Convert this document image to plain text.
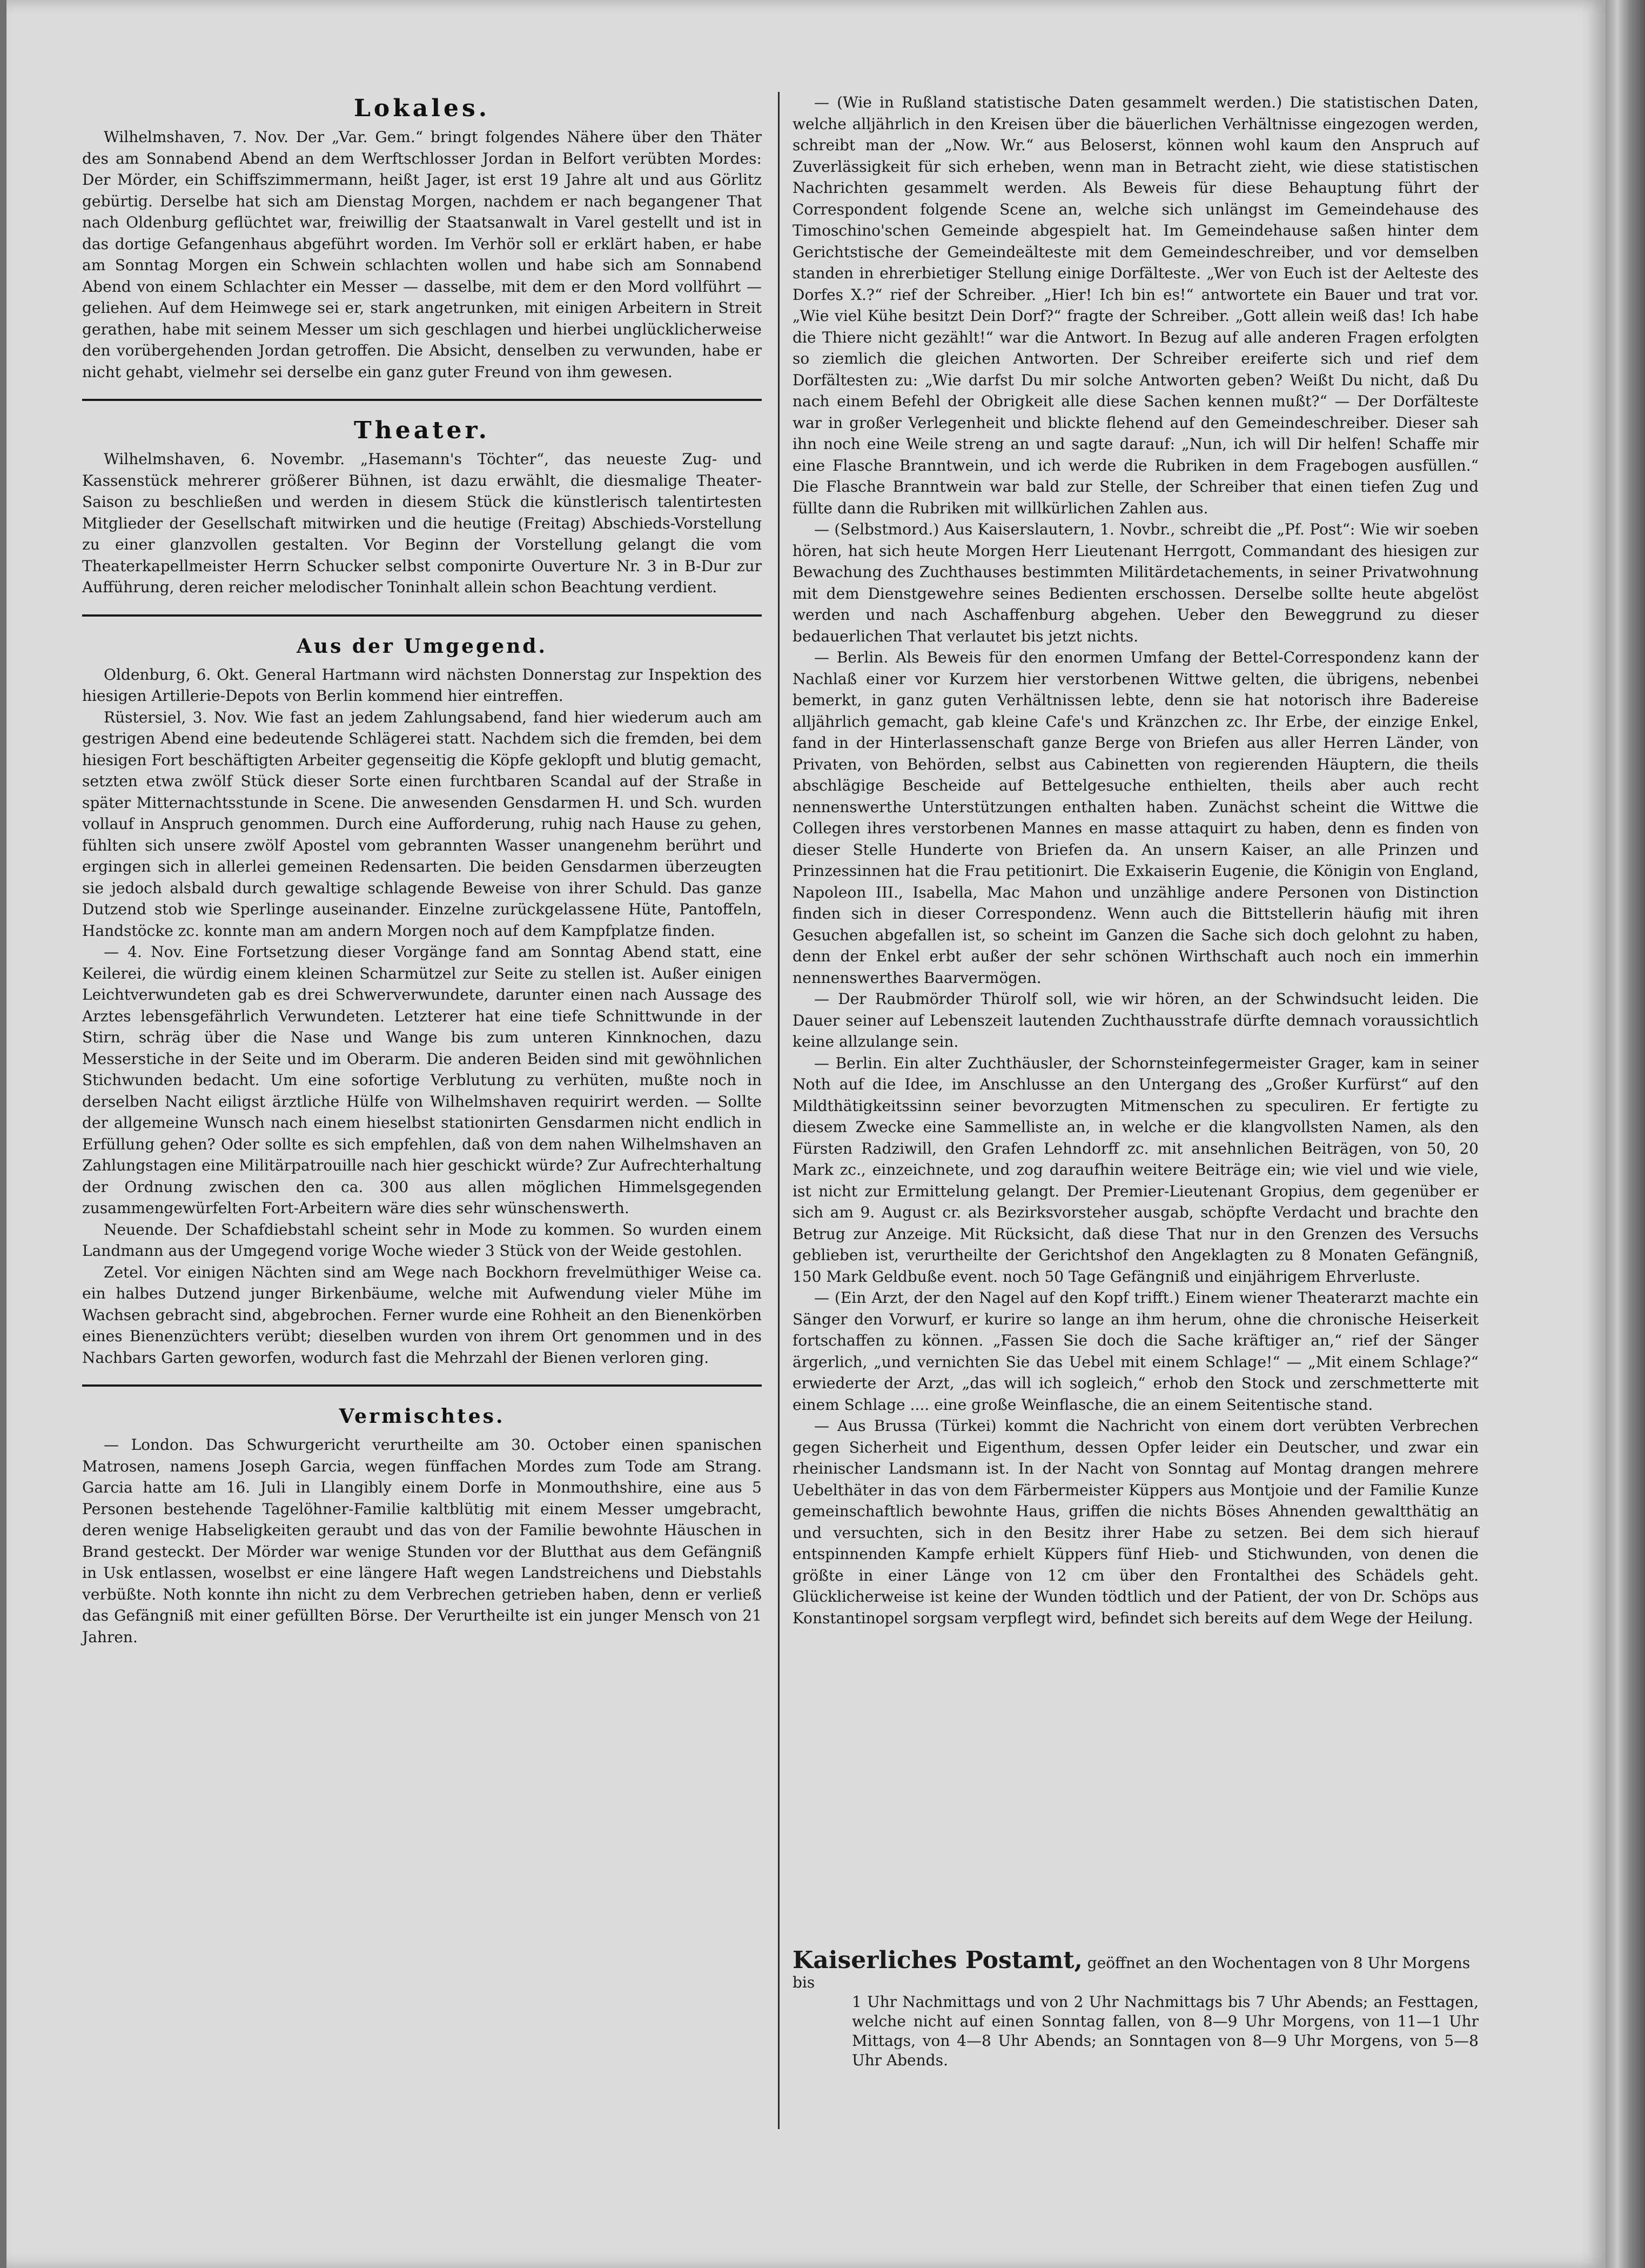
Lokales.

Wilhelmshaven, 7. Nov. Der „Var. Gem.“ bringt folgendes Nähere über den Thäter des am Sonnabend Abend an dem Werftschlosser Jordan in Belfort verübten Mordes: Der Mörder, ein Schiffszimmermann, heißt Jager, ist erst 19 Jahre alt und aus Görlitz gebürtig. Derselbe hat sich am Dienstag Morgen, nachdem er nach begangener That nach Oldenburg geflüchtet war, freiwillig der Staatsanwalt in Varel gestellt und ist in das dortige Gefangenhaus abgeführt worden. Im Verhör soll er erklärt haben, er habe am Sonntag Morgen ein Schwein schlachten wollen und habe sich am Sonnabend Abend von einem Schlachter ein Messer — dasselbe, mit dem er den Mord vollführt — geliehen. Auf dem Heimwege sei er, stark angetrunken, mit einigen Arbeitern in Streit gerathen, habe mit seinem Messer um sich geschlagen und hierbei unglücklicherweise den vorübergehenden Jordan getroffen. Die Absicht, denselben zu verwunden, habe er nicht gehabt, vielmehr sei derselbe ein ganz guter Freund von ihm gewesen.

Theater.

Wilhelmshaven, 6. Novembr. „Hasemann's Töchter“, das neueste Zug- und Kassenstück mehrerer größerer Bühnen, ist dazu erwählt, die diesmalige Theater-Saison zu beschließen und werden in diesem Stück die künstlerisch talentirtesten Mitglieder der Gesellschaft mitwirken und die heutige (Freitag) Abschieds-Vorstellung zu einer glanzvollen gestalten. Vor Beginn der Vorstellung gelangt die vom Theaterkapellmeister Herrn Schucker selbst componirte Ouverture Nr. 3 in B-Dur zur Aufführung, deren reicher melodischer Toninhalt allein schon Beachtung verdient.

Aus der Umgegend.

Oldenburg, 6. Okt. General Hartmann wird nächsten Donnerstag zur Inspektion des hiesigen Artillerie-Depots von Berlin kommend hier eintreffen.

Rüstersiel, 3. Nov. Wie fast an jedem Zahlungsabend, fand hier wiederum auch am gestrigen Abend eine bedeutende Schlägerei statt. Nachdem sich die fremden, bei dem hiesigen Fort beschäftigten Arbeiter gegenseitig die Köpfe geklopft und blutig gemacht, setzten etwa zwölf Stück dieser Sorte einen furchtbaren Scandal auf der Straße in später Mitternachtsstunde in Scene. Die anwesenden Gensdarmen H. und Sch. wurden vollauf in Anspruch genommen. Durch eine Aufforderung, ruhig nach Hause zu gehen, fühlten sich unsere zwölf Apostel vom gebrannten Wasser unangenehm berührt und ergingen sich in allerlei gemeinen Redensarten. Die beiden Gensdarmen überzeugten sie jedoch alsbald durch gewaltige schlagende Beweise von ihrer Schuld. Das ganze Dutzend stob wie Sperlinge auseinander. Einzelne zurückgelassene Hüte, Pantoffeln, Handstöcke zc. konnte man am andern Morgen noch auf dem Kampfplatze finden.

— 4. Nov. Eine Fortsetzung dieser Vorgänge fand am Sonntag Abend statt, eine Keilerei, die würdig einem kleinen Scharmützel zur Seite zu stellen ist. Außer einigen Leichtverwundeten gab es drei Schwerverwundete, darunter einen nach Aussage des Arztes lebensgefährlich Verwundeten. Letzterer hat eine tiefe Schnittwunde in der Stirn, schräg über die Nase und Wange bis zum unteren Kinnknochen, dazu Messerstiche in der Seite und im Oberarm. Die anderen Beiden sind mit gewöhnlichen Stichwunden bedacht. Um eine sofortige Verblutung zu verhüten, mußte noch in derselben Nacht eiligst ärztliche Hülfe von Wilhelmshaven requirirt werden. — Sollte der allgemeine Wunsch nach einem hieselbst stationirten Gensdarmen nicht endlich in Erfüllung gehen? Oder sollte es sich empfehlen, daß von dem nahen Wilhelmshaven an Zahlungstagen eine Militärpatrouille nach hier geschickt würde? Zur Aufrechterhaltung der Ordnung zwischen den ca. 300 aus allen möglichen Himmelsgegenden zusammengewürfelten Fort-Arbeitern wäre dies sehr wünschenswerth.

Neuende. Der Schafdiebstahl scheint sehr in Mode zu kommen. So wurden einem Landmann aus der Umgegend vorige Woche wieder 3 Stück von der Weide gestohlen.

Zetel. Vor einigen Nächten sind am Wege nach Bockhorn frevelmüthiger Weise ca. ein halbes Dutzend junger Birkenbäume, welche mit Aufwendung vieler Mühe im Wachsen gebracht sind, abgebrochen. Ferner wurde eine Rohheit an den Bienenkörben eines Bienenzüchters verübt; dieselben wurden von ihrem Ort genommen und in des Nachbars Garten geworfen, wodurch fast die Mehrzahl der Bienen verloren ging.

Vermischtes.

— London. Das Schwurgericht verurtheilte am 30. October einen spanischen Matrosen, namens Joseph Garcia, wegen fünffachen Mordes zum Tode am Strang. Garcia hatte am 16. Juli in Llangibly einem Dorfe in Monmouthshire, eine aus 5 Personen bestehende Tagelöhner-Familie kaltblütig mit einem Messer umgebracht, deren wenige Habseligkeiten geraubt und das von der Familie bewohnte Häuschen in Brand gesteckt. Der Mörder war wenige Stunden vor der Blutthat aus dem Gefängniß in Usk entlassen, woselbst er eine längere Haft wegen Landstreichens und Diebstahls verbüßte. Noth konnte ihn nicht zu dem Verbrechen getrieben haben, denn er verließ das Gefängniß mit einer gefüllten Börse. Der Verurtheilte ist ein junger Mensch von 21 Jahren.

— (Wie in Rußland statistische Daten gesammelt werden.) Die statistischen Daten, welche alljährlich in den Kreisen über die bäuerlichen Verhältnisse eingezogen werden, schreibt man der „Now. Wr.“ aus Beloserst, können wohl kaum den Anspruch auf Zuverlässigkeit für sich erheben, wenn man in Betracht zieht, wie diese statistischen Nachrichten gesammelt werden. Als Beweis für diese Behauptung führt der Correspondent folgende Scene an, welche sich unlängst im Gemeindehause des Timoschino'schen Gemeinde abgespielt hat. Im Gemeindehause saßen hinter dem Gerichtstische der Gemeindeälteste mit dem Gemeindeschreiber, und vor demselben standen in ehrerbietiger Stellung einige Dorfälteste. „Wer von Euch ist der Aelteste des Dorfes X.?“ rief der Schreiber. „Hier! Ich bin es!“ antwortete ein Bauer und trat vor. „Wie viel Kühe besitzt Dein Dorf?“ fragte der Schreiber. „Gott allein weiß das! Ich habe die Thiere nicht gezählt!“ war die Antwort. In Bezug auf alle anderen Fragen erfolgten so ziemlich die gleichen Antworten. Der Schreiber ereiferte sich und rief dem Dorfältesten zu: „Wie darfst Du mir solche Antworten geben? Weißt Du nicht, daß Du nach einem Befehl der Obrigkeit alle diese Sachen kennen mußt?“ — Der Dorfälteste war in großer Verlegenheit und blickte flehend auf den Gemeindeschreiber. Dieser sah ihn noch eine Weile streng an und sagte darauf: „Nun, ich will Dir helfen! Schaffe mir eine Flasche Branntwein, und ich werde die Rubriken in dem Fragebogen ausfüllen.“ Die Flasche Branntwein war bald zur Stelle, der Schreiber that einen tiefen Zug und füllte dann die Rubriken mit willkürlichen Zahlen aus.

— (Selbstmord.) Aus Kaiserslautern, 1. Novbr., schreibt die „Pf. Post“: Wie wir soeben hören, hat sich heute Morgen Herr Lieutenant Herrgott, Commandant des hiesigen zur Bewachung des Zuchthauses bestimmten Militärdetachements, in seiner Privatwohnung mit dem Dienstgewehre seines Bedienten erschossen. Derselbe sollte heute abgelöst werden und nach Aschaffenburg abgehen. Ueber den Beweggrund zu dieser bedauerlichen That verlautet bis jetzt nichts.

— Berlin. Als Beweis für den enormen Umfang der Bettel-Correspondenz kann der Nachlaß einer vor Kurzem hier verstorbenen Wittwe gelten, die übrigens, nebenbei bemerkt, in ganz guten Verhältnissen lebte, denn sie hat notorisch ihre Badereise alljährlich gemacht, gab kleine Cafe's und Kränzchen zc. Ihr Erbe, der einzige Enkel, fand in der Hinterlassenschaft ganze Berge von Briefen aus aller Herren Länder, von Privaten, von Behörden, selbst aus Cabinetten von regierenden Häuptern, die theils abschlägige Bescheide auf Bettelgesuche enthielten, theils aber auch recht nennenswerthe Unterstützungen enthalten haben. Zunächst scheint die Wittwe die Collegen ihres verstorbenen Mannes en masse attaquirt zu haben, denn es finden von dieser Stelle Hunderte von Briefen da. An unsern Kaiser, an alle Prinzen und Prinzessinnen hat die Frau petitionirt. Die Exkaiserin Eugenie, die Königin von England, Napoleon III., Isabella, Mac Mahon und unzählige andere Personen von Distinction finden sich in dieser Correspondenz. Wenn auch die Bittstellerin häufig mit ihren Gesuchen abgefallen ist, so scheint im Ganzen die Sache sich doch gelohnt zu haben, denn der Enkel erbt außer der sehr schönen Wirthschaft auch noch ein immerhin nennenswerthes Baarvermögen.

— Der Raubmörder Thürolf soll, wie wir hören, an der Schwindsucht leiden. Die Dauer seiner auf Lebenszeit lautenden Zuchthausstrafe dürfte demnach voraussichtlich keine allzulange sein.

— Berlin. Ein alter Zuchthäusler, der Schornsteinfegermeister Grager, kam in seiner Noth auf die Idee, im Anschlusse an den Untergang des „Großer Kurfürst“ auf den Mildthätigkeitssinn seiner bevorzugten Mitmenschen zu speculiren. Er fertigte zu diesem Zwecke eine Sammelliste an, in welche er die klangvollsten Namen, als den Fürsten Radziwill, den Grafen Lehndorff zc. mit ansehnlichen Beiträgen, von 50, 20 Mark zc., einzeichnete, und zog daraufhin weitere Beiträge ein; wie viel und wie viele, ist nicht zur Ermittelung gelangt. Der Premier-Lieutenant Gropius, dem gegenüber er sich am 9. August cr. als Bezirksvorsteher ausgab, schöpfte Verdacht und brachte den Betrug zur Anzeige. Mit Rücksicht, daß diese That nur in den Grenzen des Versuchs geblieben ist, verurtheilte der Gerichtshof den Angeklagten zu 8 Monaten Gefängniß, 150 Mark Geldbuße event. noch 50 Tage Gefängniß und einjährigem Ehrverluste.

— (Ein Arzt, der den Nagel auf den Kopf trifft.) Einem wiener Theaterarzt machte ein Sänger den Vorwurf, er kurire so lange an ihm herum, ohne die chronische Heiserkeit fortschaffen zu können. „Fassen Sie doch die Sache kräftiger an,“ rief der Sänger ärgerlich, „und vernichten Sie das Uebel mit einem Schlage!“ — „Mit einem Schlage?“ erwiederte der Arzt, „das will ich sogleich,“ erhob den Stock und zerschmetterte mit einem Schlage .... eine große Weinflasche, die an einem Seitentische stand.

— Aus Brussa (Türkei) kommt die Nachricht von einem dort verübten Verbrechen gegen Sicherheit und Eigenthum, dessen Opfer leider ein Deutscher, und zwar ein rheinischer Landsmann ist. In der Nacht von Sonntag auf Montag drangen mehrere Uebelthäter in das von dem Färbermeister Küppers aus Montjoie und der Familie Kunze gemeinschaftlich bewohnte Haus, griffen die nichts Böses Ahnenden gewaltthätig an und versuchten, sich in den Besitz ihrer Habe zu setzen. Bei dem sich hierauf entspinnenden Kampfe erhielt Küppers fünf Hieb- und Stichwunden, von denen die größte in einer Länge von 12 cm über den Frontalthei des Schädels geht. Glücklicherweise ist keine der Wunden tödtlich und der Patient, der von Dr. Schöps aus Konstantinopel sorgsam verpflegt wird, befindet sich bereits auf dem Wege der Heilung.

Kaiserliches Postamt, geöffnet an den Wochentagen von 8 Uhr Morgens bis
1 Uhr Nachmittags und von 2 Uhr Nachmittags bis 7 Uhr Abends; an Festtagen, welche nicht auf einen Sonntag fallen, von 8—9 Uhr Morgens, von 11—1 Uhr Mittags, von 4—8 Uhr Abends; an Sonntagen von 8—9 Uhr Morgens, von 5—8 Uhr Abends.
